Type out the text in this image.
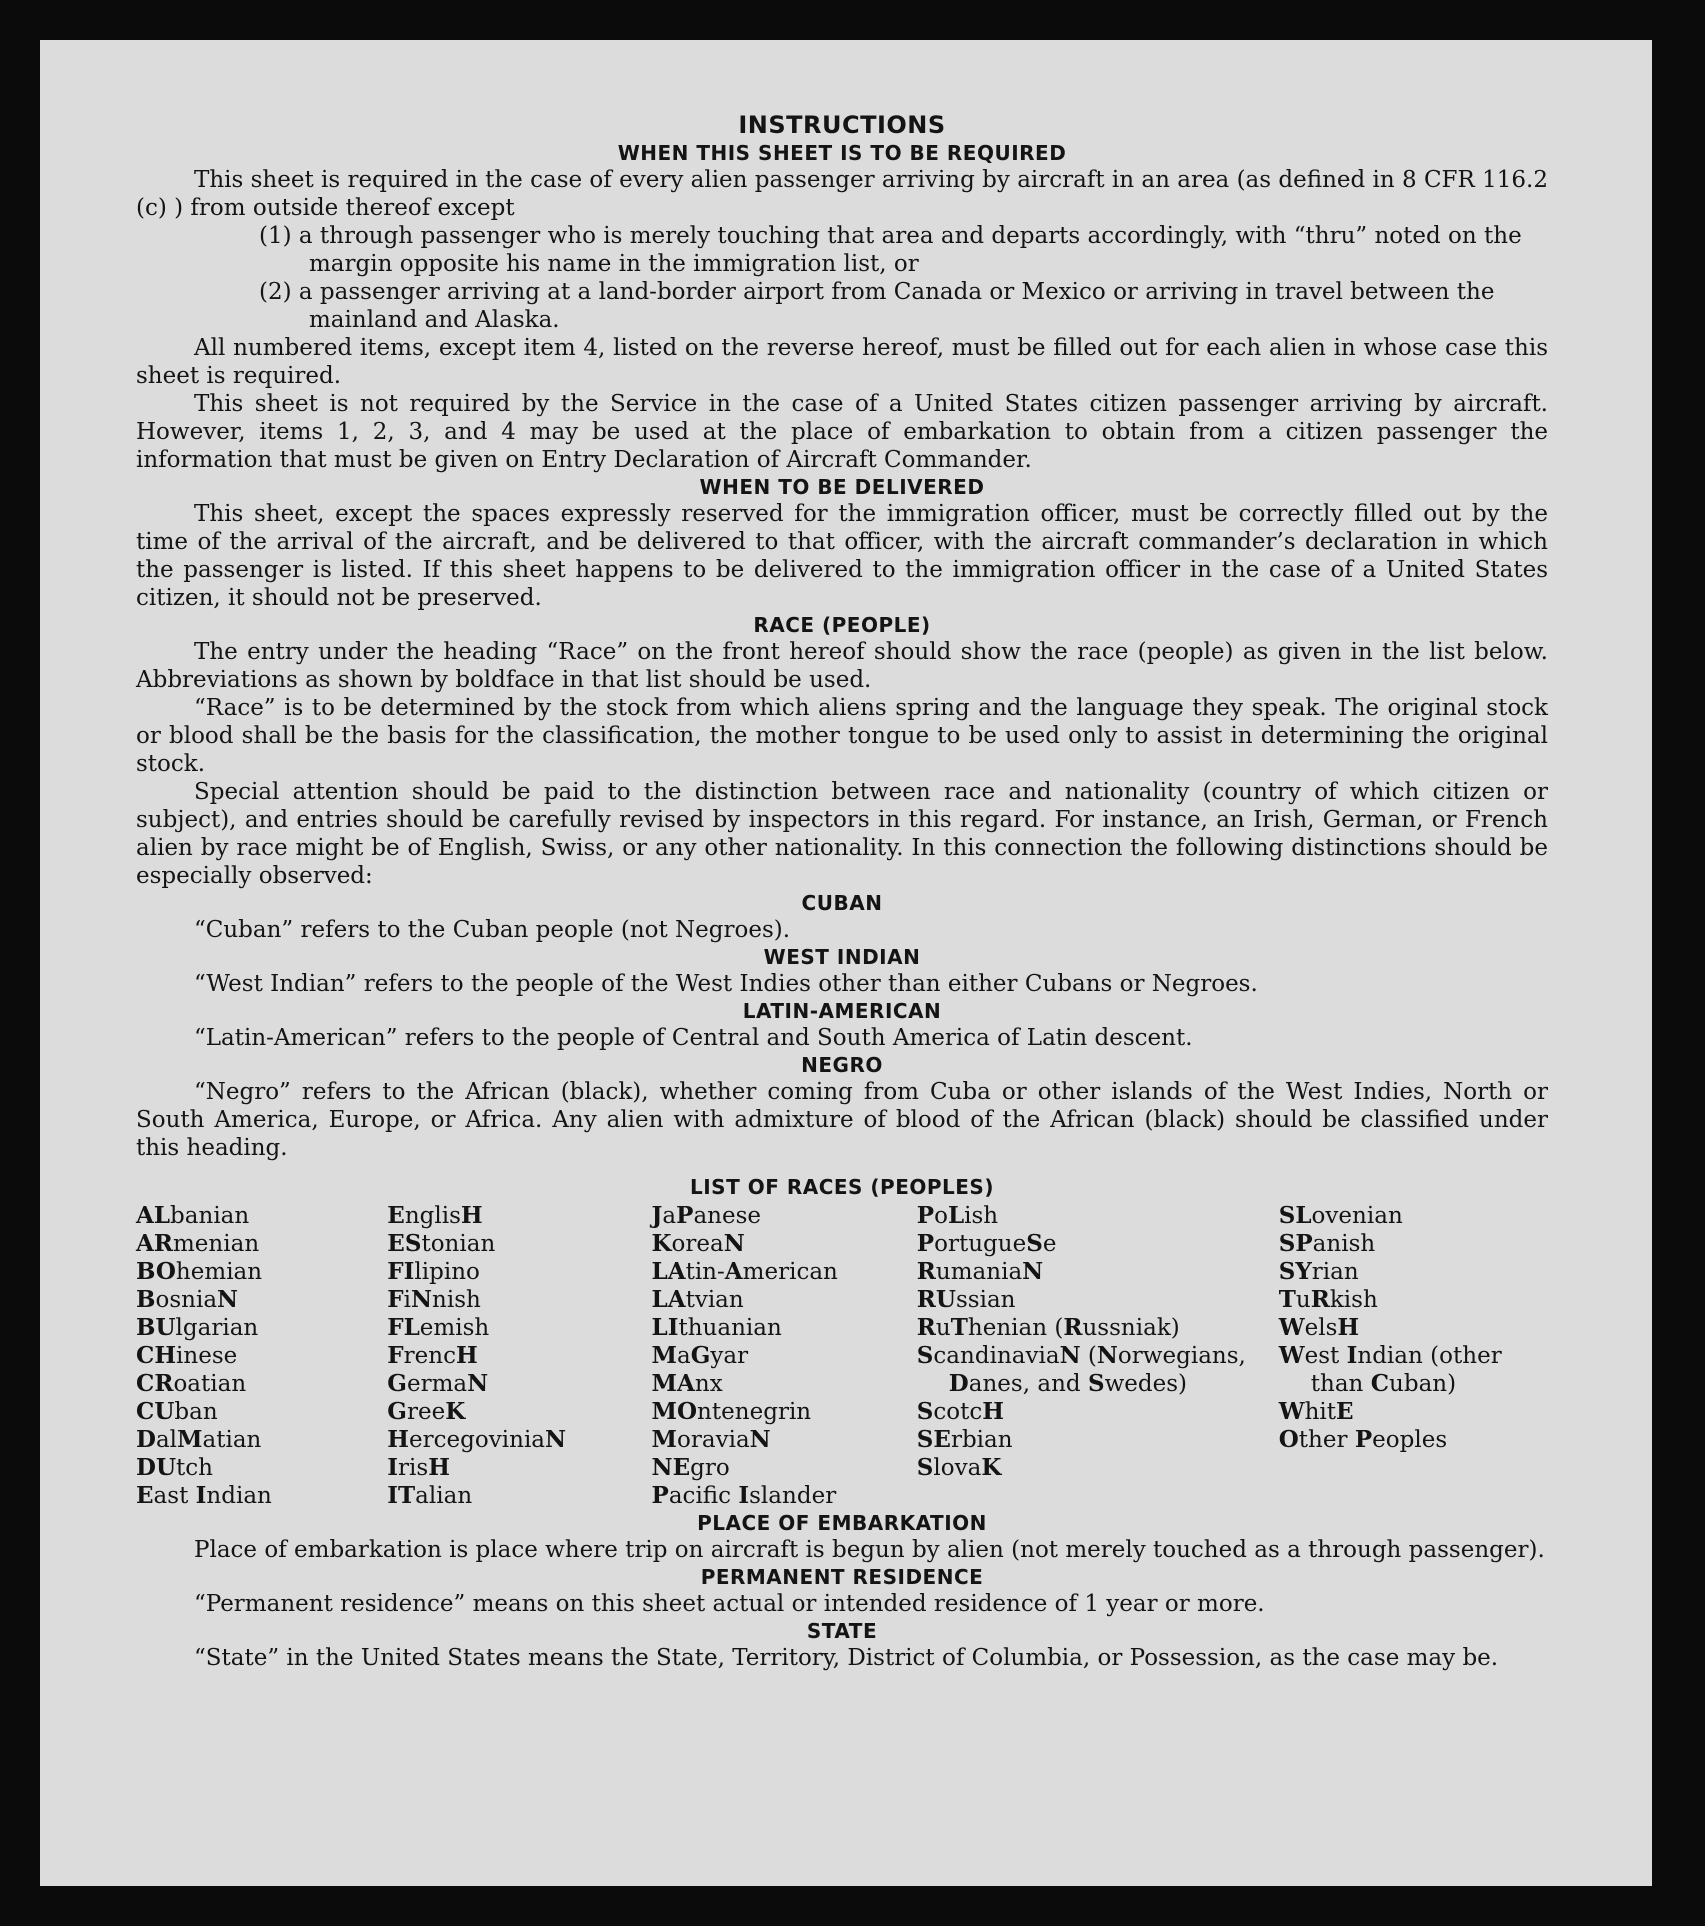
INSTRUCTIONS

WHEN THIS SHEET IS TO BE REQUIRED

This sheet is required in the case of every alien passenger arriving by aircraft in an area (as defined in 8 CFR 116.2 (c) ) from outside thereof except

(1) a through passenger who is merely touching that area and departs accordingly, with “thru” noted on the margin opposite his name in the immigration list, or

(2) a passenger arriving at a land-border airport from Canada or Mexico or arriving in travel between the mainland and Alaska.

All numbered items, except item 4, listed on the reverse hereof, must be filled out for each alien in whose case this sheet is required.

This sheet is not required by the Service in the case of a United States citizen passenger arriving by aircraft. However, items 1, 2, 3, and 4 may be used at the place of embarkation to obtain from a citizen passenger the information that must be given on Entry Declaration of Aircraft Commander.

WHEN TO BE DELIVERED

This sheet, except the spaces expressly reserved for the immigration officer, must be correctly filled out by the time of the arrival of the aircraft, and be delivered to that officer, with the aircraft commander’s declaration in which the passenger is listed. If this sheet happens to be delivered to the immigration officer in the case of a United States citizen, it should not be preserved.

RACE (PEOPLE)

The entry under the heading “Race” on the front hereof should show the race (people) as given in the list below. Abbreviations as shown by boldface in that list should be used.

“Race” is to be determined by the stock from which aliens spring and the language they speak. The original stock or blood shall be the basis for the classification, the mother tongue to be used only to assist in determining the original stock.

Special attention should be paid to the distinction between race and nationality (country of which citizen or subject), and entries should be carefully revised by inspectors in this regard. For instance, an Irish, German, or French alien by race might be of English, Swiss, or any other nationality. In this connection the following distinctions should be especially observed:

CUBAN

“Cuban” refers to the Cuban people (not Negroes).

WEST INDIAN

“West Indian” refers to the people of the West Indies other than either Cubans or Negroes.

LATIN-AMERICAN

“Latin-American” refers to the people of Central and South America of Latin descent.

NEGRO

“Negro” refers to the African (black), whether coming from Cuba or other islands of the West Indies, North or South America, Europe, or Africa. Any alien with admixture of blood of the African (black) should be classified under this heading.

LIST OF RACES (PEOPLES)

ALbanian
ARmenian
BOhemian
BosniaN
BUlgarian
CHinese
CRoatian
CUban
DalMatian
DUtch
East Indian
EnglisH
EStonian
FIlipino
FiNnish
FLemish
FrencH
GermaN
GreeK
HercegoviniaN
IrisH
ITalian
JaPanese
KoreaN
LAtin-American
LAtvian
LIthuanian
MaGyar
MAnx
MOntenegrin
MoraviaN
NEgro
Pacifc Islander
PoLish
PortugueSe
RumaniaN
RUssian
RuThenian (Russniak)
ScandinaviaN (Norwegians, Danes, and Swedes)
ScotcH
SErbian
SlovaK
SLovenian
SPanish
SYrian
TuRkish
WelsH
West Indian (other than Cuban)
WhitE
Other Peoples

PLACE OF EMBARKATION

Place of embarkation is place where trip on aircraft is begun by alien (not merely touched as a through passenger).

PERMANENT RESIDENCE

“Permanent residence” means on this sheet actual or intended residence of 1 year or more.

STATE

“State” in the United States means the State, Territory, District of Columbia, or Possession, as the case may be.
